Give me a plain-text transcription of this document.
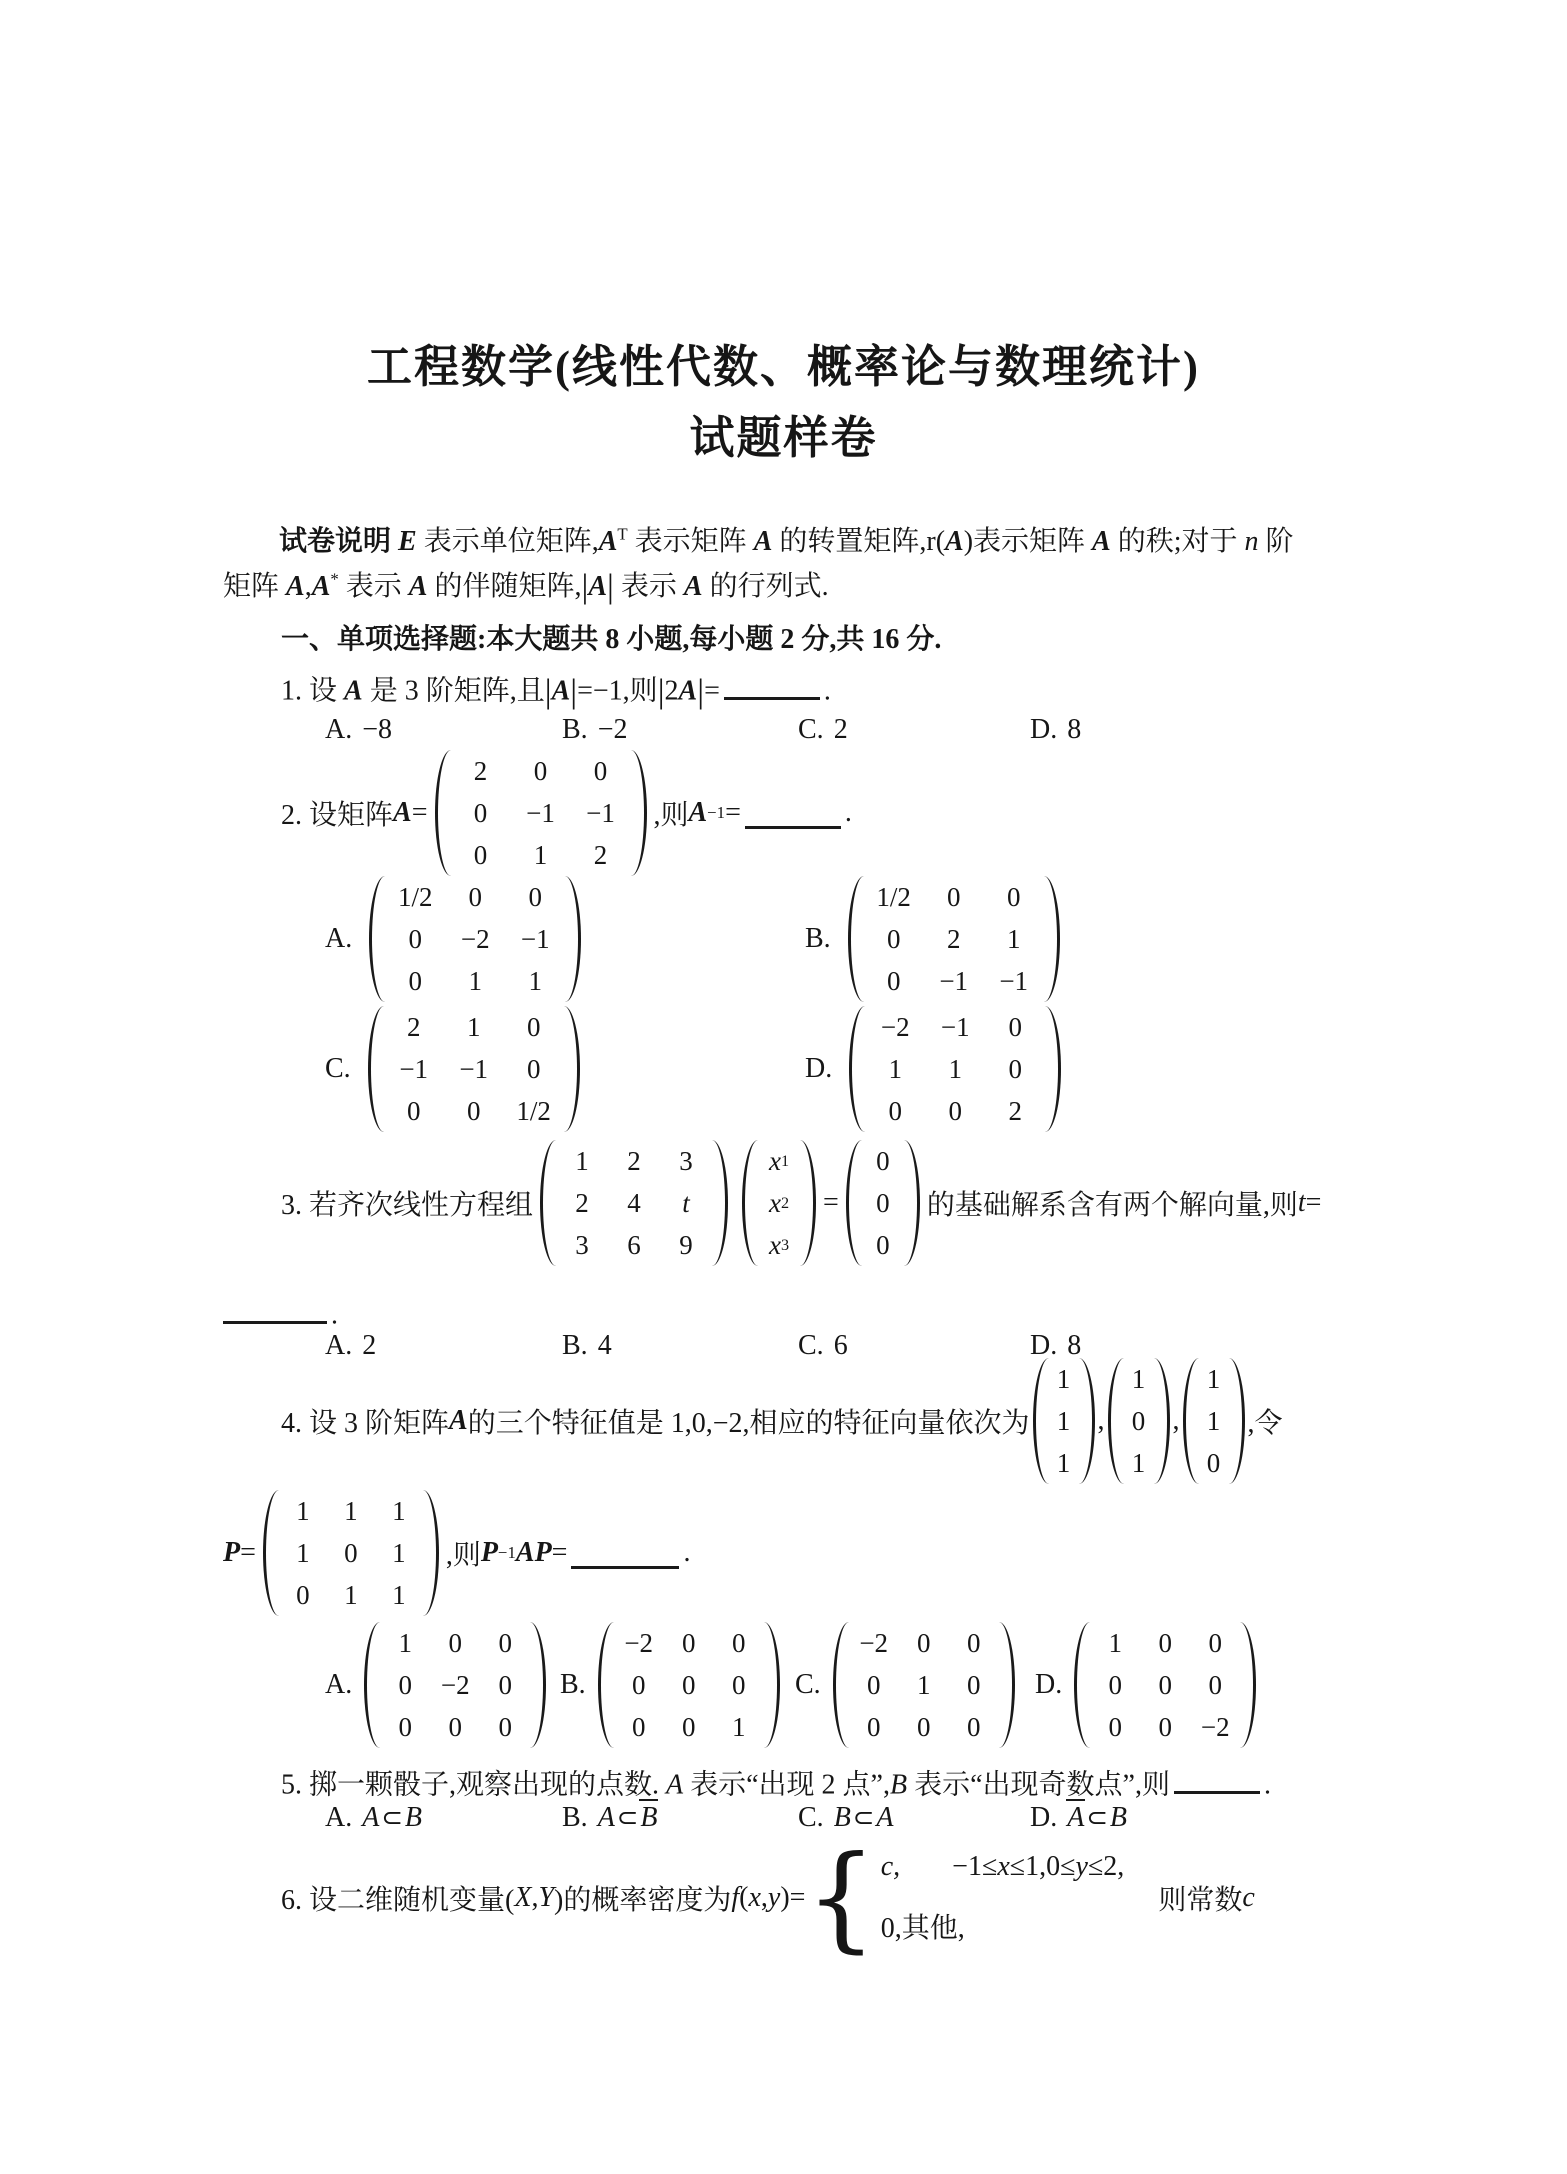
工程数学(线性代数、概率论与数理统计)
试题样卷
试卷说明 E 表示单位矩阵$,A^T$ 表示矩阵 A 的转置矩阵,r(A)表示矩阵 A 的秩;对于 n 阶
矩阵 A,A* 表示 A 的伴随矩阵,|A| 表示 A 的行列式.
一、单项选择题:本大题共 8 小题,每小题 2 分,共 16 分.
1. 设 A 是 3 阶矩阵,且|A|=−1,则|2A|=	.
A. −8	B. −2	C. 2	D. 8
2. 设矩阵 A =
2 0 0
0 −1 −1
0 1 2
,则 A −1 =	.
A.
1/2 0 0
0 −2 −1
0 1 1
B.
1/2 0 0
0 2 1
0 −1 −1
C.
2 1 0
−1 −1 0
0 0 1/2
D.
−2 −1 0
1 1 0
0 0 2
3. 若齐次线性方程组
1 2 3
2 4 t
3 6 9
x 1
x 2
x 3
=
0
0
0
的基础解系含有两个解向量,则 t =
.
A. 2	B. 4	C. 6	D. 8
4. 设 3 阶矩阵 A 的三个特征值是 1,0,−2,相应的特征向量依次为
1
1
1
,
1
0
1
,
1
1
0
,令
P =
1 1 1
1 0 1
0 1 1
,则 P −1 AP =	.
A.
1 0 0
0 −2 0
0 0 0
B.
−2 0 0
0 0 0
0 0 1
C.
−2 0 0
0 1 0
0 0 0
D.
1 0 0
0 0 0
0 0 −2
5. 掷一颗骰子,观察出现的点数. A 表示“出现 2 点”,B 表示“出现奇数点”,则	.
A. A⊂B	B. A⊂B	C. B⊂A	D. A⊂B
6. 设二维随机变量( X , Y )的概率密度为 f ( x , y )= { c, −1≤x≤1,0≤y≤2,
0,其他,
则常数 c
